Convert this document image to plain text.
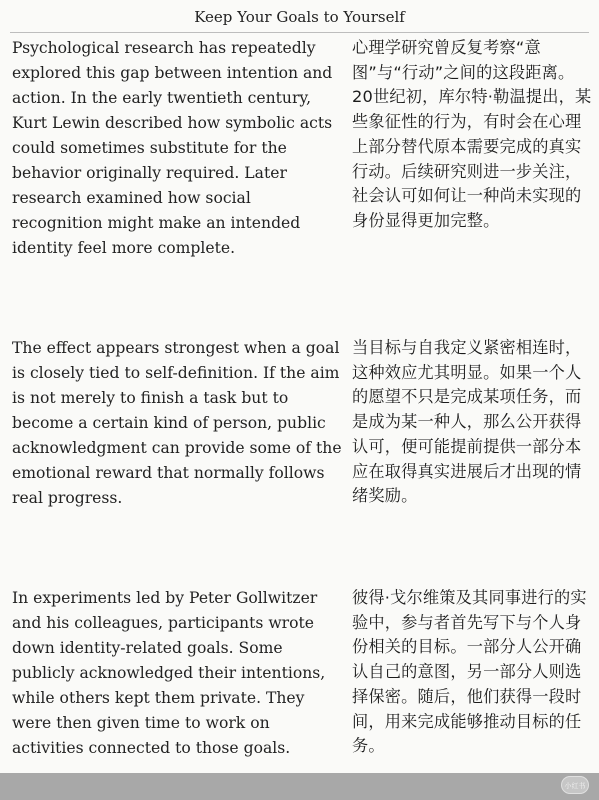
Keep Your Goals to Yourself
Psychological research has repeatedly explored this gap between intention and action. In the early twentieth century, Kurt Lewin described how symbolic acts could sometimes substitute for the behavior originally required. Later research examined how social recognition might make an intended identity feel more complete.
心理学研究曾反复考察“意图”与“行动”之间的这段距离。20世纪初，库尔特·勒温提出，某些象征性的行为，有时会在心理上部分替代原本需要完成的真实行动。后续研究则进一步关注，社会认可如何让一种尚未实现的身份显得更加完整。
The effect appears strongest when a goal is closely tied to self-definition. If the aim is not merely to finish a task but to become a certain kind of person, public acknowledgment can provide some of the emotional reward that normally follows real progress.
当目标与自我定义紧密相连时，这种效应尤其明显。如果一个人的愿望不只是完成某项任务，而是成为某一种人，那么公开获得认可，便可能提前提供一部分本应在取得真实进展后才出现的情绪奖励。
In experiments led by Peter Gollwitzer and his colleagues, participants wrote down identity-related goals. Some publicly acknowledged their intentions, while others kept them private. They were then given time to work on activities connected to those goals.
彼得·戈尔维策及其同事进行的实验中，参与者首先写下与个人身份相关的目标。一部分人公开确认自己的意图，另一部分人则选择保密。随后，他们获得一段时间，用来完成能够推动目标的任务。
小红书
